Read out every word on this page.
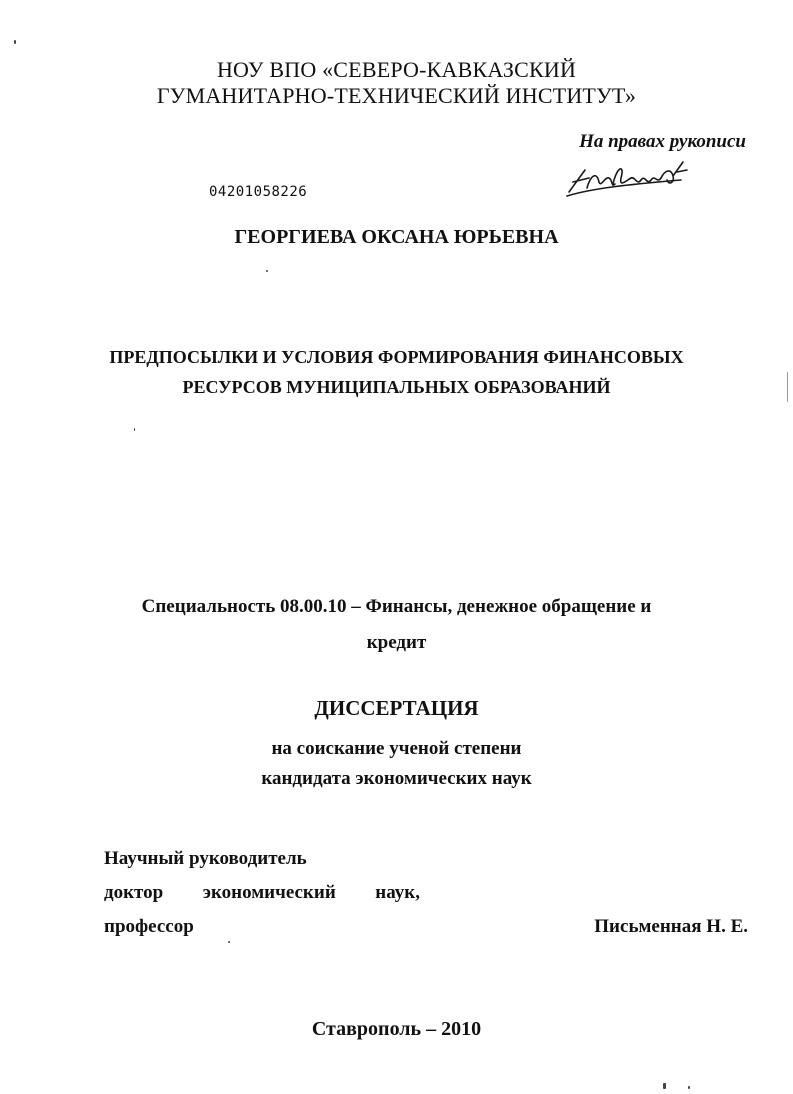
НОУ ВПО «СЕВЕРО-КАВКАЗСКИЙ
ГУМАНИТАРНО-ТЕХНИЧЕСКИЙ ИНСТИТУТ»
На правах рукописи
04201058226
ГЕОРГИЕВА ОКСАНА ЮРЬЕВНА
ПРЕДПОСЫЛКИ И УСЛОВИЯ ФОРМИРОВАНИЯ ФИНАНСОВЫХ
РЕСУРСОВ МУНИЦИПАЛЬНЫХ ОБРАЗОВАНИЙ
Специальность 08.00.10 – Финансы, денежное обращение и
кредит
ДИССЕРТАЦИЯ
на соискание ученой степени
кандидата экономических наук
Научный руководитель
доктор экономический наук,
профессор	Письменная Н. Е.
Ставрополь – 2010
